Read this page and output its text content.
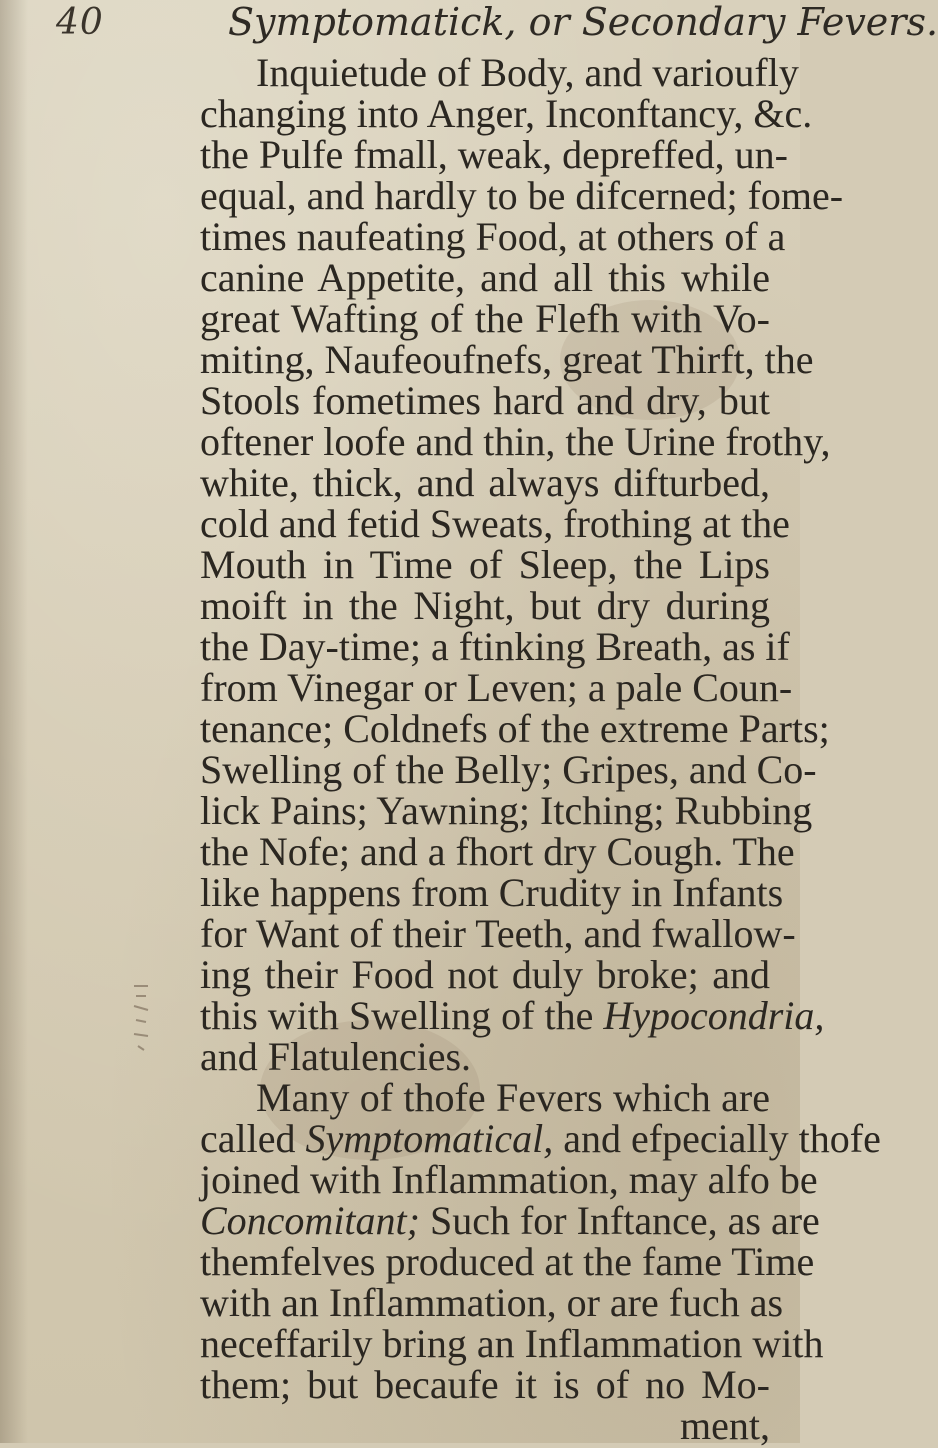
40	Symptomatick, or Secondary Fevers.
Inquietude of Body, and varioufly
changing into Anger, Inconftancy, &c.
the Pulfe fmall, weak, depreffed, un-
equal, and hardly to be difcerned; fome-
times naufeating Food, at others of a
canine Appetite, and all this while
great Wafting of the Flefh with Vo-
miting, Naufeoufnefs, great Thirft, the
Stools fometimes hard and dry, but
oftener loofe and thin, the Urine frothy,
white, thick, and always difturbed,
cold and fetid Sweats, frothing at the
Mouth in Time of Sleep, the Lips
moift in the Night, but dry during
the Day-time; a ftinking Breath, as if
from Vinegar or Leven; a pale Coun-
tenance; Coldnefs of the extreme Parts;
Swelling of the Belly; Gripes, and Co-
lick Pains; Yawning; Itching; Rubbing
the Nofe; and a fhort dry Cough. The
like happens from Crudity in Infants
for Want of their Teeth, and fwallow-
ing their Food not duly broke; and
this with Swelling of the Hypocondria,
and Flatulencies.
Many of thofe Fevers which are
called Symptomatical, and efpecially thofe
joined with Inflammation, may alfo be
Concomitant; Such for Inftance, as are
themfelves produced at the fame Time
with an Inflammation, or are fuch as
neceffarily bring an Inflammation with
them; but becaufe it is of no Mo-
ment,
